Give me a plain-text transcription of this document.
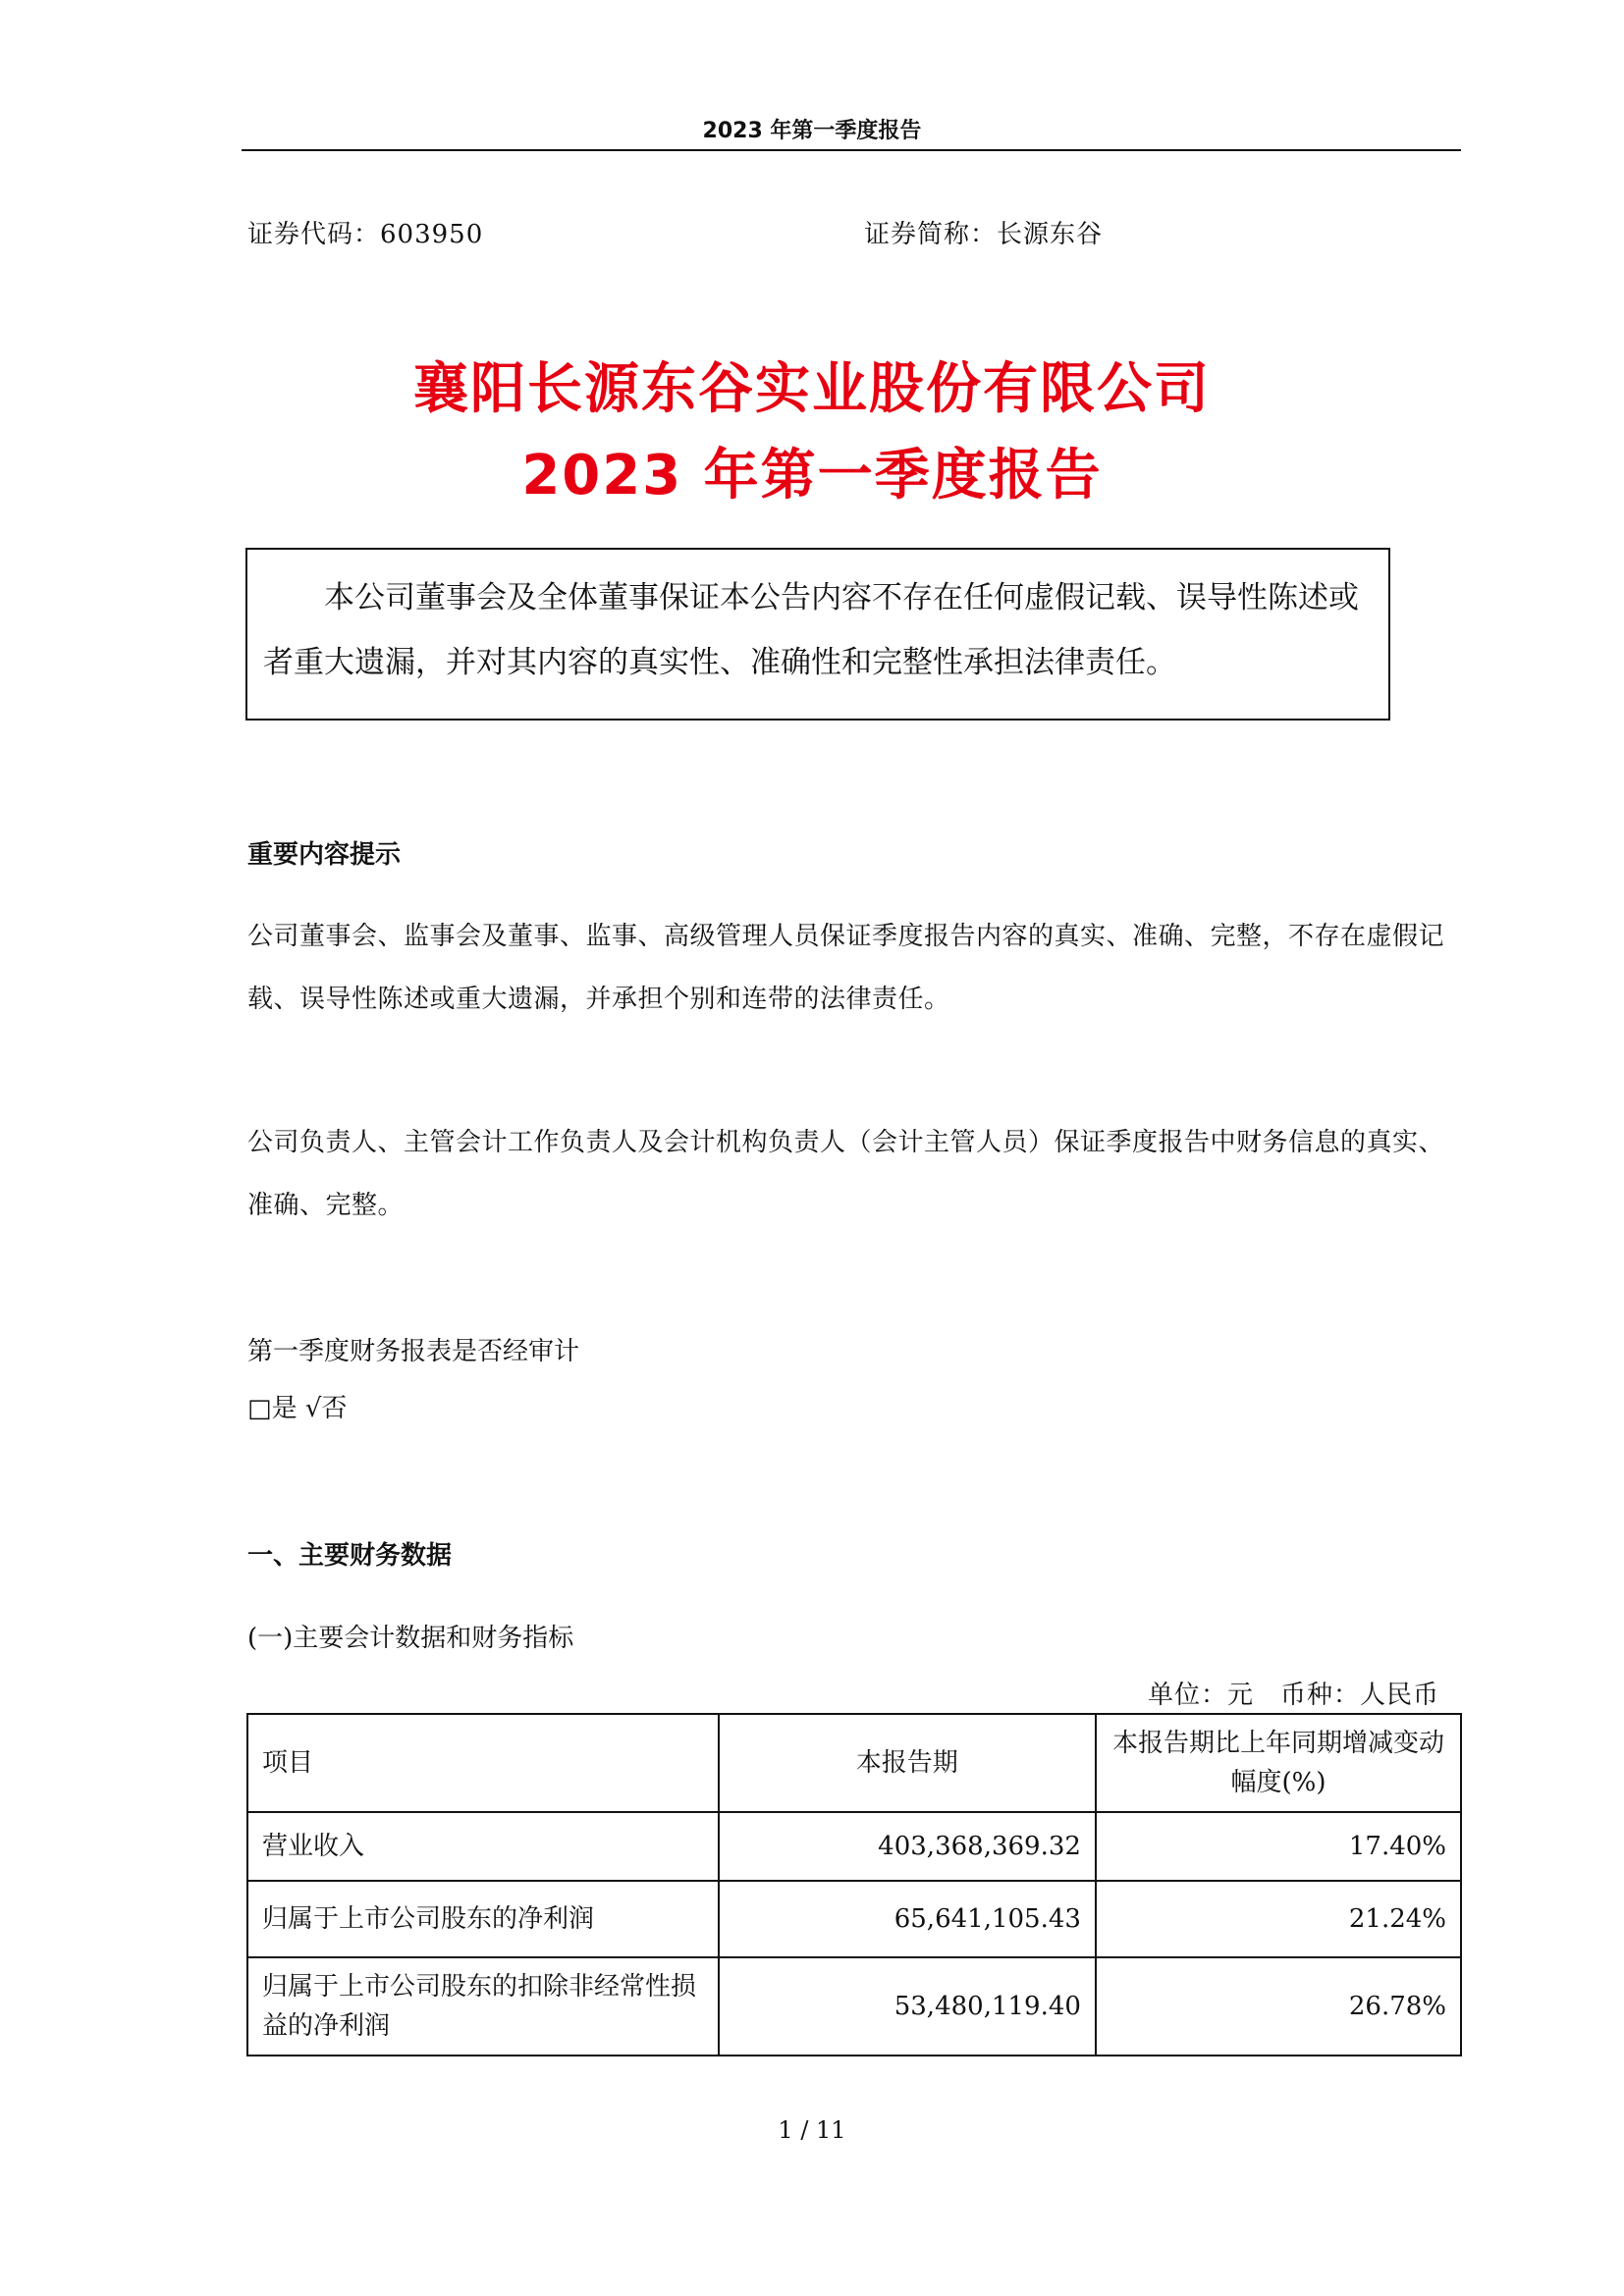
2023 年第一季度报告
证券代码：603950	证券简称：长源东谷
襄阳长源东谷实业股份有限公司
2023 年第一季度报告

本公司董事会及全体董事保证本公告内容不存在任何虚假记载、误导性陈述或者重大遗漏，并对其内容的真实性、准确性和完整性承担法律责任。

重要内容提示
公司董事会、监事会及董事、监事、高级管理人员保证季度报告内容的真实、准确、完整，不存在虚假记载、误导性陈述或重大遗漏，并承担个别和连带的法律责任。
公司负责人、主管会计工作负责人及会计机构负责人（会计主管人员）保证季度报告中财务信息的真实、准确、完整。
第一季度财务报表是否经审计
□是 √否
一、主要财务数据
(一)主要会计数据和财务指标
单位：元　币种：人民币
项目	本报告期	本报告期比上年同期增减变动幅度(%)
营业收入	403,368,369.32	17.40%
归属于上市公司股东的净利润	65,641,105.43	21.24%
归属于上市公司股东的扣除非经常性损益的净利润	53,480,119.40	26.78%
1 / 11
